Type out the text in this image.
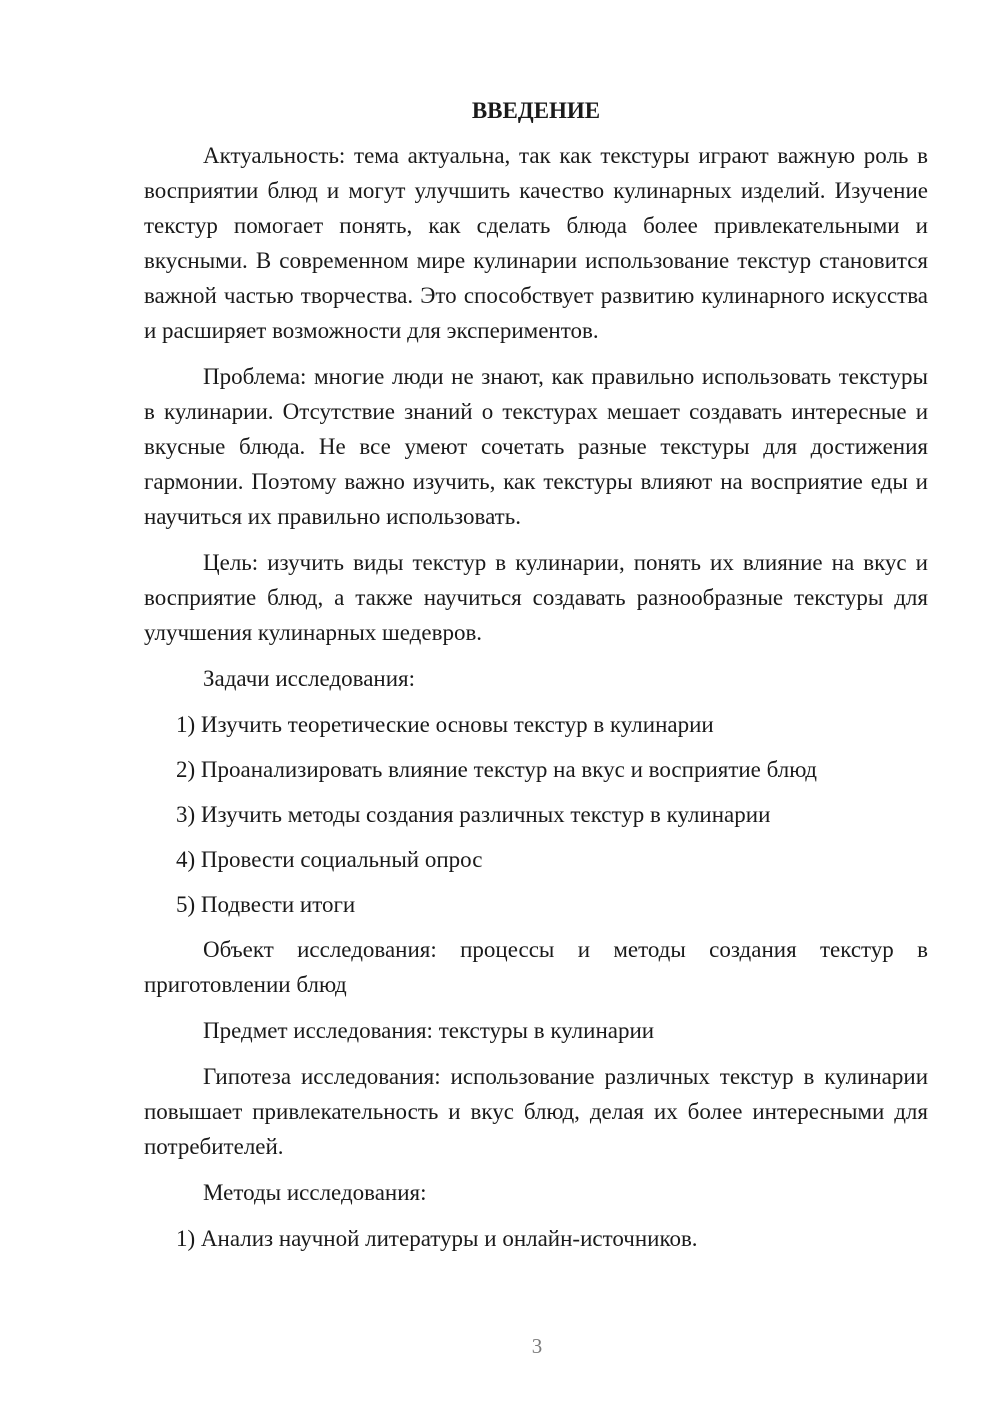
ВВЕДЕНИЕ

Актуальность: тема актуальна, так как текстуры играют важную роль в восприятии блюд и могут улучшить качество кулинарных изделий. Изучение текстур помогает понять, как сделать блюда более привлекательными и вкусными. В современном мире кулинарии использование текстур становится важной частью творчества. Это способствует развитию кулинарного искусства и расширяет возможности для экспериментов.

Проблема: многие люди не знают, как правильно использовать текстуры в кулинарии. Отсутствие знаний о текстурах мешает создавать интересные и вкусные блюда. Не все умеют сочетать разные текстуры для достижения гармонии. Поэтому важно изучить, как текстуры влияют на восприятие еды и научиться их правильно использовать.

Цель: изучить виды текстур в кулинарии, понять их влияние на вкус и восприятие блюд, а также научиться создавать разнообразные текстуры для улучшения кулинарных шедевров.

Задачи исследования:

1) Изучить теоретические основы текстур в кулинарии
2) Проанализировать влияние текстур на вкус и восприятие блюд
3) Изучить методы создания различных текстур в кулинарии
4) Провести социальный опрос
5) Подвести итоги

Объект исследования: процессы и методы создания текстур в приготовлении блюд

Предмет исследования: текстуры в кулинарии

Гипотеза исследования: использование различных текстур в кулинарии повышает привлекательность и вкус блюд, делая их более интересными для потребителей.

Методы исследования:

1) Анализ научной литературы и онлайн-источников.
3
